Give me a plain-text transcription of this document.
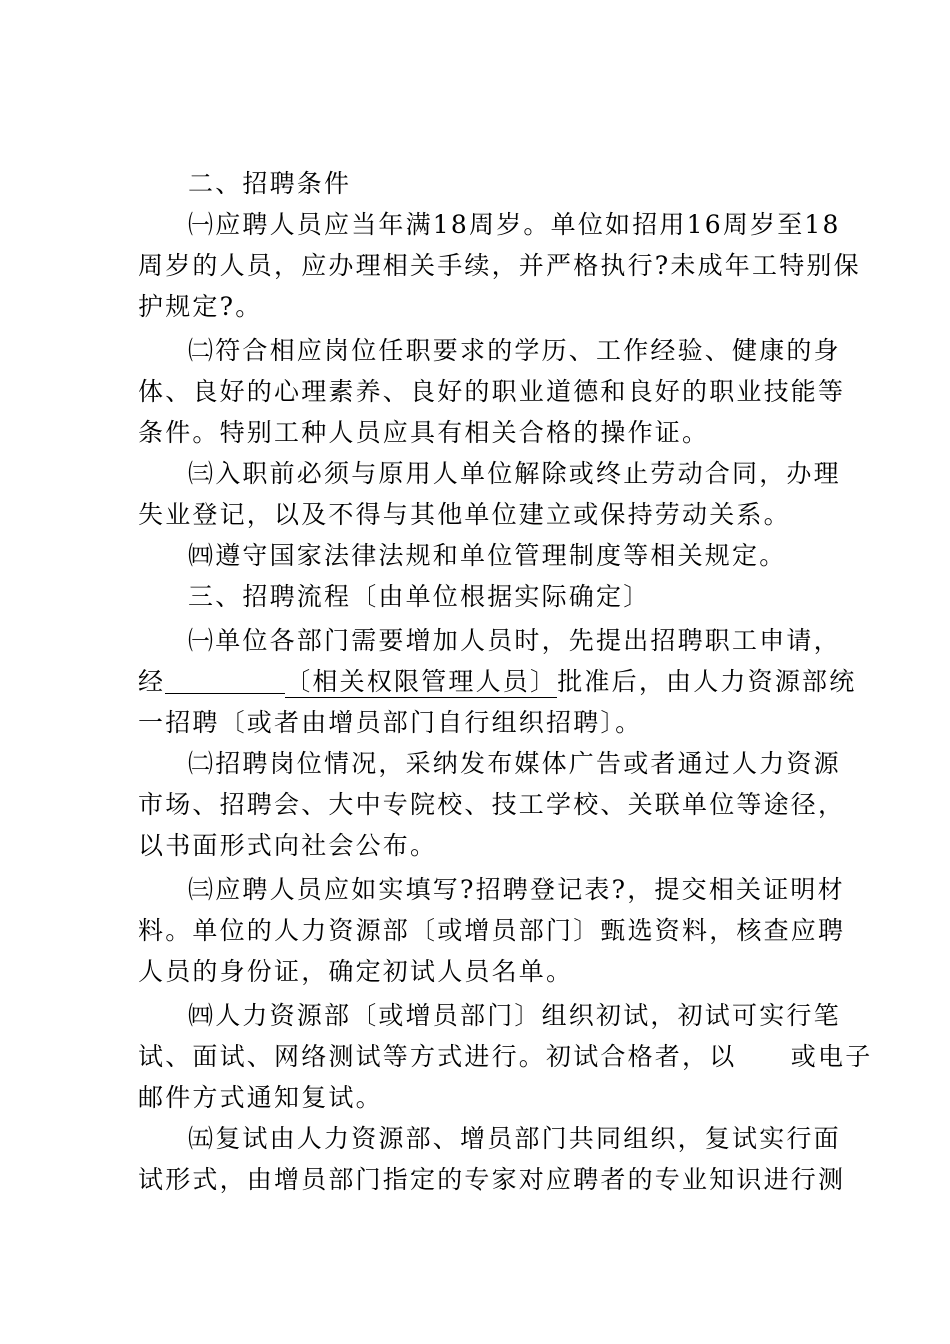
二、招聘条件
㈠应聘人员应当年满18周岁。单位如招用16周岁至18
周岁的人员，应办理相关手续，并严格执行?未成年工特别保
护规定?。
㈡符合相应岗位任职要求的学历、工作经验、健康的身
体、良好的心理素养、良好的职业道德和良好的职业技能等
条件。特别工种人员应具有相关合格的操作证。
㈢入职前必须与原用人单位解除或终止劳动合同，办理
失业登记，以及不得与其他单位建立或保持劳动关系。
㈣遵守国家法律法规和单位管理制度等相关规定。
三、招聘流程〔由单位根据实际确定〕
㈠单位各部门需要增加人员时，先提出招聘职工申请，
经	〔相关权限管理人员〕批准后，由人力资源部统
一招聘〔或者由增员部门自行组织招聘〕。
㈡招聘岗位情况，采纳发布媒体广告或者通过人力资源
市场、招聘会、大中专院校、技工学校、关联单位等途径，
以书面形式向社会公布。
㈢应聘人员应如实填写?招聘登记表?，提交相关证明材
料。单位的人力资源部〔或增员部门〕甄选资料，核查应聘
人员的身份证，确定初试人员名单。
㈣人力资源部〔或增员部门〕组织初试，初试可实行笔
试、面试、网络测试等方式进行。初试合格者，以　　或电子
邮件方式通知复试。
㈤复试由人力资源部、增员部门共同组织，复试实行面
试形式，由增员部门指定的专家对应聘者的专业知识进行测
